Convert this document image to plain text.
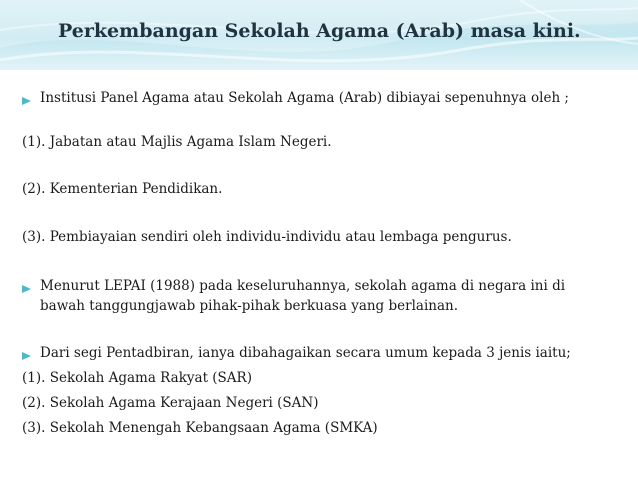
Perkembangan Sekolah Agama (Arab) masa kini.
Institusi Panel Agama atau Sekolah Agama (Arab) dibiayai sepenuhnya oleh ;
(1). Jabatan atau Majlis Agama Islam Negeri.
(2). Kementerian Pendidikan.
(3). Pembiayaian sendiri oleh individu-individu atau lembaga pengurus.
Menurut LEPAI (1988) pada keseluruhannya, sekolah agama di negara ini di
bawah tanggungjawab pihak-pihak berkuasa yang berlainan.
Dari segi Pentadbiran, ianya dibahagaikan secara umum kepada 3 jenis iaitu;
(1). Sekolah Agama Rakyat (SAR)
(2). Sekolah Agama Kerajaan Negeri (SAN)
(3). Sekolah Menengah Kebangsaan Agama (SMKA)
